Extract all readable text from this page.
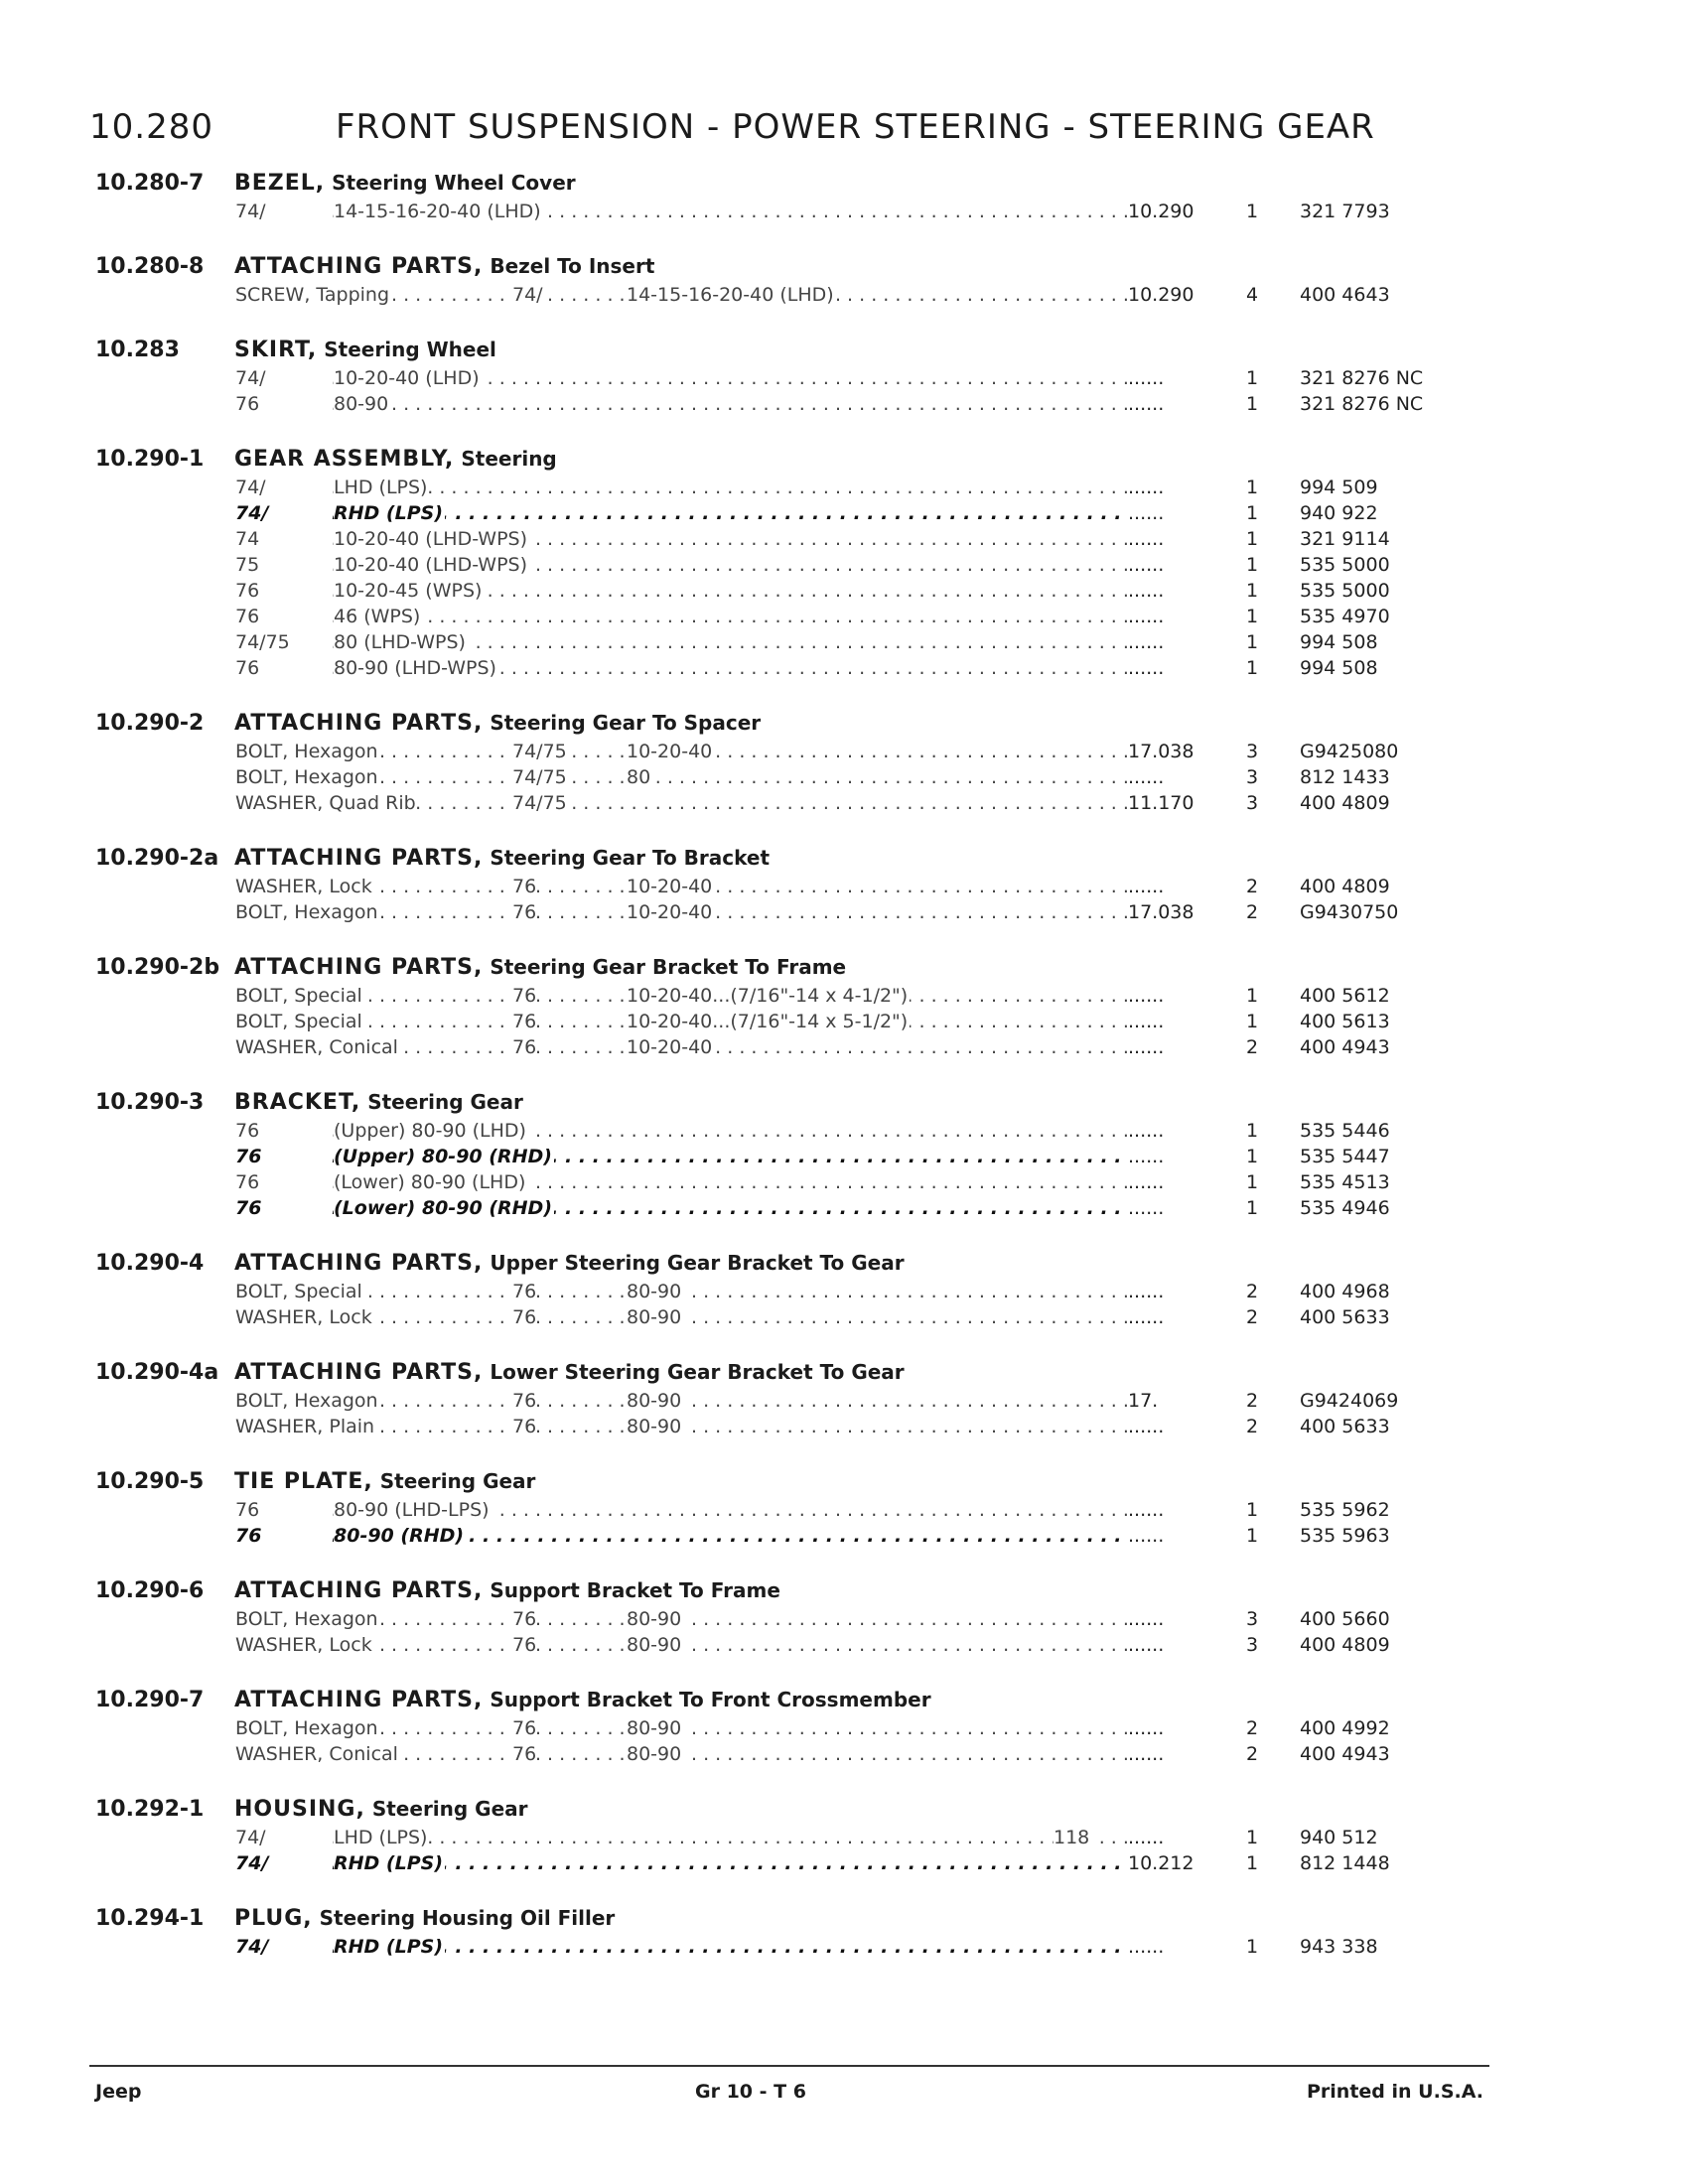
10.280	FRONT SUSPENSION - POWER STEERING - STEERING GEAR
10.280-7 BEZEL, Steering Wheel Cover
. . .
74/	14-15-16-20-40 (LHD)	10.290	1	321 7793
10.280-8 ATTACHING PARTS, Bezel To Insert
. . .
SCREW, Tapping	74/	14-15-16-20-40 (LHD)	10.290	4	400 4643
10.283	SKIRT, Steering Wheel
. . .
74/	10-20-40 (LHD)	......	1	321 8276 NC
. . .
76	80-90	......	1	321 8276 NC
10.290-1 GEAR ASSEMBLY, Steering
. . .
74/	LHD (LPS)	......	1	994 509
. . .
74/	RHD (LPS)	......	1	940 922
. . .
74	10-20-40 (LHD-WPS)	......	1	321 9114
. . .
75	10-20-40 (LHD-WPS)	......	1	535 5000
. . .
76	10-20-45 (WPS)	......	1	535 5000
. . .
76	46 (WPS)	......	1	535 4970
. . .
74/75	80 (LHD-WPS)	......	1	994 508
. . .
76	80-90 (LHD-WPS)	......	1	994 508
10.290-2 ATTACHING PARTS, Steering Gear To Spacer
. . .
BOLT, Hexagon	74/75	10-20-40	17.038	3	G9425080
. . .
BOLT, Hexagon	74/75	80	......	3	812 1433
. . .
WASHER, Quad Rib	74/75	11.170	3	400 4809
10.290-2a ATTACHING PARTS, Steering Gear To Bracket
. . .
WASHER, Lock	76	10-20-40	......	2	400 4809
. . .
BOLT, Hexagon	76	10-20-40	17.038	2	G9430750
10.290-2b ATTACHING PARTS, Steering Gear Bracket To Frame
. . .
BOLT, Special	76	10-20-40...(7/16"-14 x 4-1/2")	......	1	400 5612
. . .
BOLT, Special	76	10-20-40...(7/16"-14 x 5-1/2")	......	1	400 5613
. . .
WASHER, Conical	76	10-20-40	......	2	400 4943
10.290-3 BRACKET, Steering Gear
. . .
76	(Upper) 80-90 (LHD)	......	1	535 5446
. . .
76	(Upper) 80-90 (RHD)	......	1	535 5447
. . .
76	(Lower) 80-90 (LHD)	......	1	535 4513
. . .
76	(Lower) 80-90 (RHD)	......	1	535 4946
10.290-4 ATTACHING PARTS, Upper Steering Gear Bracket To Gear
. . .
BOLT, Special	76	80-90	......	2	400 4968
. . .
WASHER, Lock	76	80-90	......	2	400 5633
10.290-4a ATTACHING PARTS, Lower Steering Gear Bracket To Gear
. . .
BOLT, Hexagon	76	80-90	17.	2	G9424069
. . .
WASHER, Plain	76	80-90	......	2	400 5633
10.290-5 TIE PLATE, Steering Gear
. . .
76	80-90 (LHD-LPS)	......	1	535 5962
. . .
76	80-90 (RHD)	......	1	535 5963
10.290-6 ATTACHING PARTS, Support Bracket To Frame
. . .
BOLT, Hexagon	76	80-90	......	3	400 5660
. . .
WASHER, Lock	76	80-90	......	3	400 4809
10.290-7 ATTACHING PARTS, Support Bracket To Front Crossmember
. . .
BOLT, Hexagon	76	80-90	......	2	400 4992
. . .
WASHER, Conical	76	80-90	......	2	400 4943
10.292-1 HOUSING, Steering Gear
. . .
74/	LHD (LPS)	118 ......	1	940 512
. . .
74/	RHD (LPS)	10.212	1	812 1448
10.294-1 PLUG, Steering Housing Oil Filler
. . .
74/	RHD (LPS)	......	1	943 338
Jeep	Gr 10 - T 6	Printed in U.S.A.
